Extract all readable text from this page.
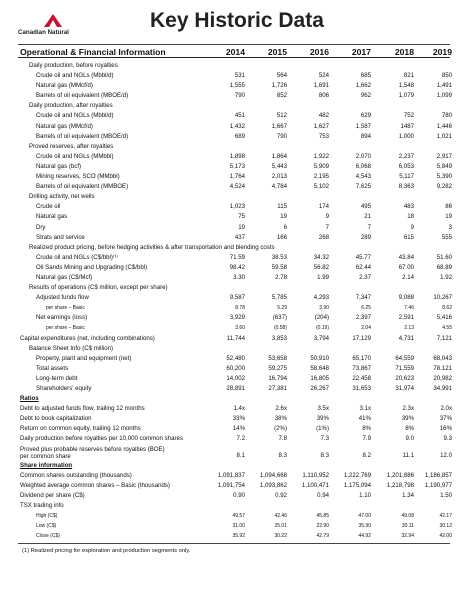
Canadian Natural
Key Historic Data
Operational & Financial Information	2014	2015	2016	2017	2018	2019
Daily production, before royalties
Crude oil and NGLs (Mbbl/d)	531	564	524	685	821	850
Natural gas (MMcf/d)	1,555	1,726	1,691	1,662	1,548	1,491
Barrels of oil equivalent (MBOE/d)	790	852	806	962	1,079	1,099
Daily production, after royalties
Crude oil and NGLs (Mbbl/d)	451	512	482	629	752	780
Natural gas (MMcf/d)	1,432	1,667	1,627	1,587	1487	1,446
Barrels of oil equivalent (MBOE/d)	689	790	753	894	1,000	1,021
Proved reserves, after royalties
Crude oil and NGLs (MMbbl)	1,898	1,864	1,922	2,070	2,237	2,917
Natural gas (bcf)	5,173	5,443	5,909	6,068	6,053	5,849
Mining reserves, SCO (MMbbl)	1,764	2,013	2,195	4,543	5,117	5,390
Barrels of oil equivalent (MMBOE)	4,524	4,784	5,102	7,625	8,363	9,282
Drilling activity, net wells
Crude oil	1,023	115	174	495	483	86
Natural gas	75	19	9	21	18	19
Dry	19	6	7	7	9	3
Strats and service	437	166	268	289	615	555
Realized product pricing, before hedging activities & after transportation and blending costs
Crude oil and NGLs (C$/bbl)⁽¹⁾	71.59	38.53	34.32	45.77	43.84	51.60
Oil Sands Mining and Upgrading (C$/bbl)	98.42	59.58	56.82	62.44	67.00	68.89
Natural gas (C$/Mcf)	3.30	2.78	1.99	2.37	2.14	1.92
Results of operations (C$ million, except per share)
Adjusted funds flow	9,587	5,785	4,293	7,347	9,088	10,267
per share – Basic	8.78	5.29	3.90	6.25	7.46	8.62
Net earnings (loss)	3,929	(637)	(204)	2,397	2,591	5,416
per share – Basic	3.60	(0.58)	(0.19)	2.04	2.13	4.55
Capital expenditures (net, including combinations)	11,744	3,853	3,794	17,129	4,731	7,121
Balance Sheet Info (C$ million)
Property, plant and equipment (net)	52,480	53,658	50,910	65,170	64,559	68,043
Total assets	60,200	59,275	58,648	73,867	71,559	78,121
Long-term debt	14,002	16,794	16,805	22,458	20,623	20,982
Shareholders' equity	28,891	27,381	26,267	31,653	31,974	34,991
Ratios
Debt to adjusted funds flow, trailing 12 months	1.4x	2.6x	3.5x	3.1x	2.3x	2.0x
Debt to book capitalization	33%	38%	39%	41%	39%	37%
Return on common equity, trailing 12 months	14%	(2%)	(1%)	8%	8%	16%
Daily production before royalties per 10,000 common shares	7.2	7.8	7.3	7.9	9.0	9.3
Proved plus probable reserves before royalties (BOE)
per common share	8.1	8.3	8.3	8.2	11.1	12.0
Share information
Common shares outstanding (thousands)	1,091,837	1,094,668	1,110,952	1,222,769	1,201,886	1,186,857
Weighted average common shares – Basic (thousands)	1,091,754	1,093,862	1,100,471	1,175,094	1,218,798	1,190,977
Dividend per share (C$)	0.90	0.92	0.94	1.10	1.34	1.50
TSX trading info
High (C$)	49.57	42.46	45.85	47.00	49.08	42.17
Low (C$)	31.00	25.01	22.90	35.90	30.11	30.12
Close (C$)	35.92	30.22	42.79	44.92	32.94	42.00
(1) Realized pricing for exploration and production segments only.
